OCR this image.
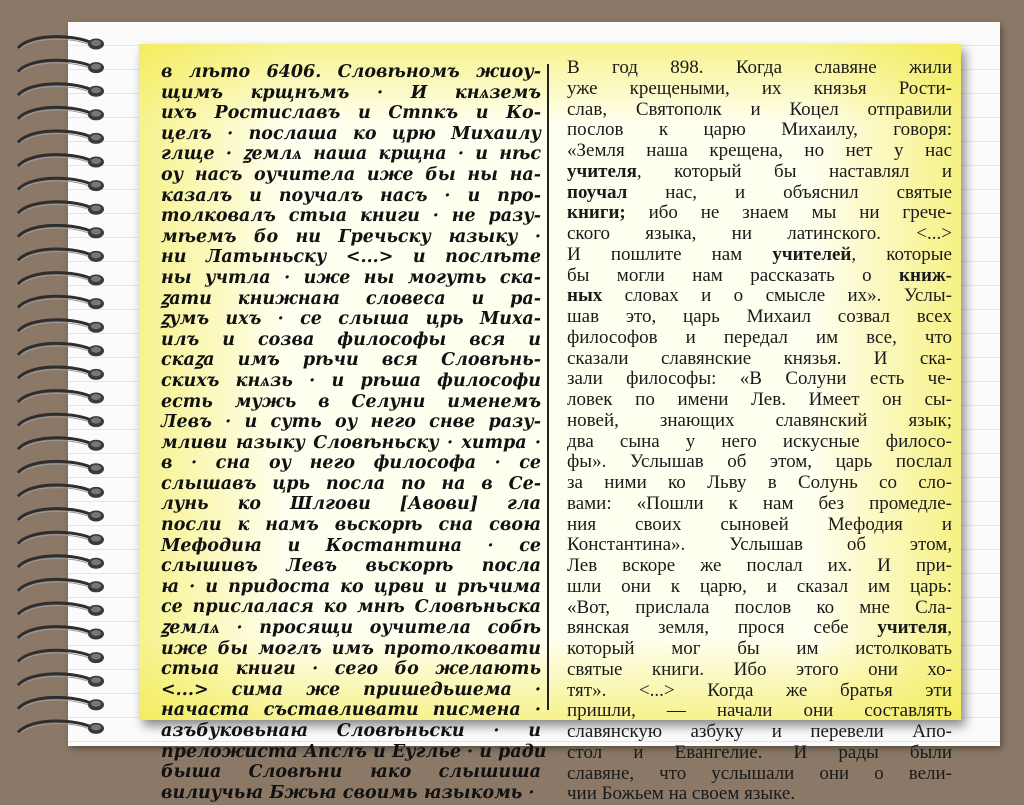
в лѣто 6406. Словѣномъ жиоу-
щимъ крщнъмъ · И кнѧземъ
ихъ Ростиславъ и Стпкъ и Ко-
целъ · послаша ко црю Михаилу
глще · ꙁемлѧ наша крщна · и нѣс
оу насъ оучитела иже бы ны на-
казалъ и поучалъ насъ · и про-
толковалъ стыа книги · не разу-
мѣемъ бо ни Гречьску ꙗзыку ·
ни Латыньску <...> и послѣте
ны учтла · иже ны могуть ска-
ꙁати книжнаꙗ словеса и ра-
ꙁумъ ихъ · се слыша црь Миха-
илъ и созва философы вся и
скаꙁа имъ рѣчи вся Словѣнь-
скихъ кнѧзь · и рѣша философи
есть мужь в Селуни именемъ
Левъ · и суть оу него снве разу-
мливи ꙗзыку Словѣньску · хитра ·
в · сна оу него философа · се
слышавъ црь посла по на в Се-
лунь ко Шлгови [Авови] гла
посли к намъ вьскорѣ сна своꙗ
Мефодиꙗ и Костантина · се
слышивъ Левъ вьскорѣ посла
ꙗ · и придоста ко црви и рѣчима
се прислалася ко мнѣ Словѣньска
ꙁемлѧ · просящи оучитела собѣ
иже бы моглъ имъ протолковати
стыа книги · сего бо желають
<...> сима же пришедьшема ·
начаста съставливати писмена ·
азъбуковьнаꙗ Словѣньски · и
преложиста Апслъ и Еуглье · и ради
быша Словѣни ꙗко слышиша
вилиучьꙗ Бжьꙗ своимь ꙗзыкомь ·
В год 898. Когда славяне жили
уже крещеными, их князья Рости-
слав, Святополк и Коцел отправили
послов к царю Михаилу, говоря:
«Земля наша крещена, но нет у нас
учителя, который бы наставлял и
поучал нас, и объяснил святые
книги; ибо не знаем мы ни грече-
ского языка, ни латинского. <...>
И пошлите нам учителей, которые
бы могли нам рассказать о книж-
ных словах и о смысле их». Услы-
шав это, царь Михаил созвал всех
философов и передал им все, что
сказали славянские князья. И ска-
зали философы: «В Солуни есть че-
ловек по имени Лев. Имеет он сы-
новей, знающих славянский язык;
два сына у него искусные филосо-
фы». Услышав об этом, царь послал
за ними ко Льву в Солунь со сло-
вами: «Пошли к нам без промедле-
ния своих сыновей Мефодия и
Константина». Услышав об этом,
Лев вскоре же послал их. И при-
шли они к царю, и сказал им царь:
«Вот, прислала послов ко мне Сла-
вянская земля, прося себе учителя,
который мог бы им истолковать
святые книги. Ибо этого они хо-
тят». <...> Когда же братья эти
пришли, — начали они составлять
славянскую азбуку и перевели Апо-
стол и Евангелие. И рады были
славяне, что услышали они о вели-
чии Божьем на своем языке.
